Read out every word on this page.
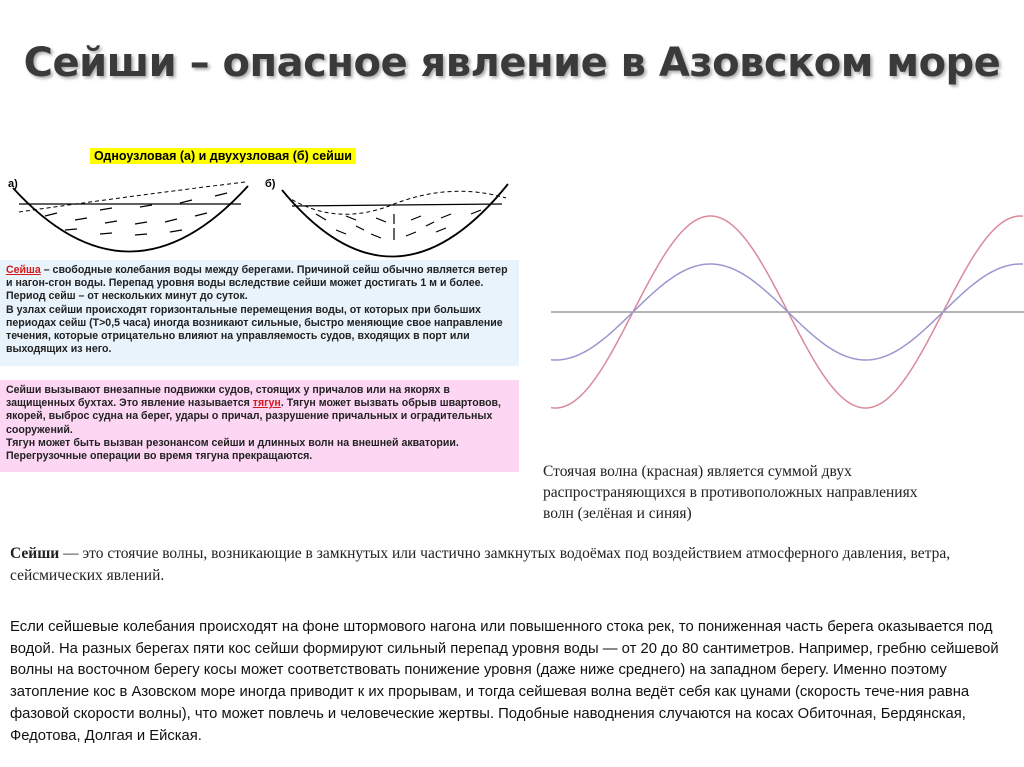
Сейши – опасное явление в Азовском море
Одноузловая (а) и двухузловая (б) сейши
а)	б)
Сейша – свободные колебания воды между берегами. Причиной сейш обычно является ветер и нагон-сгон воды. Перепад уровня воды вследствие сейши может достигать 1 м и более. Период сейш – от нескольких минут до суток.
В узлах сейши происходят горизонтальные перемещения воды, от которых при больших периодах сейш (T>0,5 часа) иногда возникают сильные, быстро меняющие свое направление течения, которые отрицательно влияют на управляемость судов, входящих в порт или выходящих из него.
Сейши вызывают внезапные подвижки судов, стоящих у причалов или на якорях в защищенных бухтах. Это явление называется тягун. Тягун может вызвать обрыв швартовов, якорей, выброс судна на берег, удары о причал, разрушение причальных и оградительных сооружений.
Тягун может быть вызван резонансом сейши и длинных волн на внешней акватории.
Перегрузочные операции во время тягуна прекращаются.
Стоячая волна (красная) является суммой двух
распространяющихся в противоположных направлениях
волн (зелёная и синяя)
Сейши — это стоячие волны, возникающие в замкнутых или частично замкнутых водоёмах под воздействием атмосферного давления, ветра, сейсмических явлений.
Если сейшевые колебания происходят на фоне штормового нагона или повышенного стока рек, то пониженная часть берега оказывается под водой. На разных берегах пяти кос сейши формируют сильный перепад уровня воды — от 20 до 80 сантиметров. Например, гребню сейшевой волны на восточном берегу косы может соответствовать понижение уровня (даже ниже среднего) на западном берегу. Именно поэтому затопление кос в Азовском море иногда приводит к их прорывам, и тогда сейшевая волна ведёт себя как цунами (скорость тече-ния равна фазовой скорости волны), что может повлечь и человеческие жертвы. Подобные наводнения случаются на косах Обиточная, Бердянская, Федотова, Долгая и Ейская.
